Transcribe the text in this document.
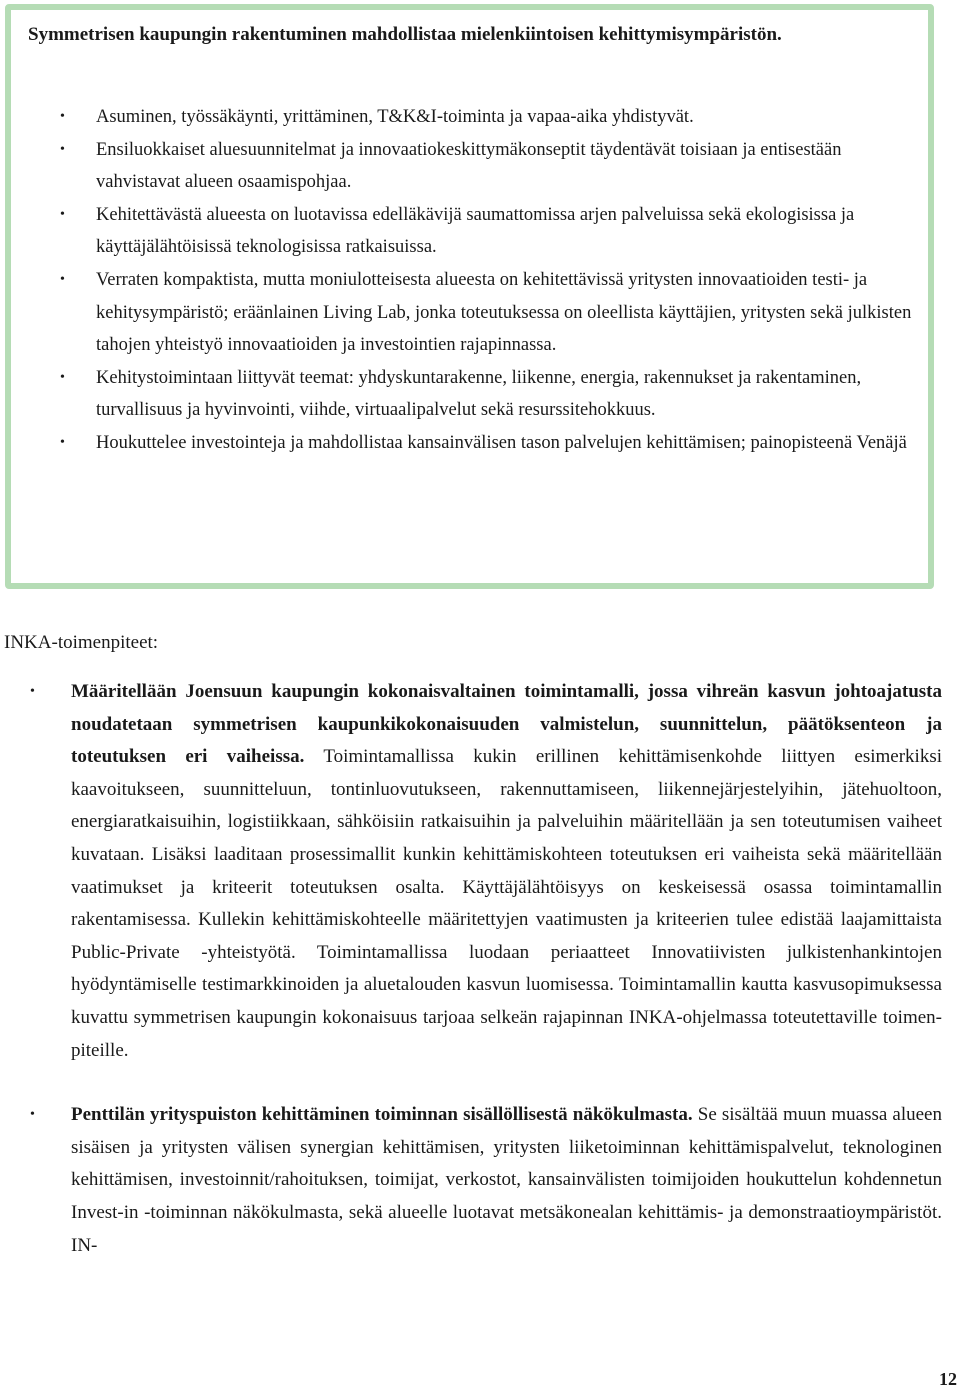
Symmetrisen kaupungin rakentuminen mahdollistaa mielenkiintoisen kehittymisympäristön.

• Asuminen, työssäkäynti, yrittäminen, T&K&I-toiminta ja vapaa-aika yhdistyvät.
• Ensiluokkaiset aluesuunnitelmat ja innovaatiokeskittymäkonseptit täydentävät toisiaan ja entisestään vahvistavat alueen osaamispohjaa.
• Kehitettävästä alueesta on luotavissa edelläkävijä saumattomissa arjen palveluissa sekä ekologisissa ja käyttäjälähtöisissä teknologisissa ratkaisuissa.
• Verraten kompaktista, mutta moniulotteisesta alueesta on kehitettävissä yritysten innovaatioiden testi- ja kehitysympäristö; eräänlainen Living Lab, jonka toteutuksessa on oleellista käyttäjien, yritysten sekä julkisten tahojen yhteistyö innovaatioiden ja investointien rajapinnassa.
• Kehitystoimintaan liittyvät teemat: yhdyskuntarakenne, liikenne, energia, rakennukset ja rakentaminen, turvallisuus ja hyvinvointi, viihde, virtuaalipalvelut sekä resurssitehokkuus.
• Houkuttelee investointeja ja mahdollistaa kansainvälisen tason palvelujen kehittämisen; painopisteenä Venäjä

INKA-toimenpiteet:

• Määritellään Joensuun kaupungin kokonaisvaltainen toimintamalli, jossa vihreän kasvun johtoajatusta noudatetaan symmetrisen kaupunkikokonaisuuden valmistelun, suunnittelun, päätöksenteon ja toteutuksen eri vaiheissa. Toimintamallissa kukin erillinen kehittämisenkohde liittyen esimerkiksi kaavoitukseen, suunnitteluun, tontinluovutukseen, rakennuttamiseen, liikennejärjestelyihin, jätehuoltoon, energiaratkaisuihin, logistiikkaan, sähköisiin ratkaisuihin ja palveluihin määritellään ja sen toteutumisen vaiheet kuvataan. Lisäksi laaditaan prosessimallit kunkin kehittämiskohteen toteutuksen eri vaiheista sekä määritellään vaatimukset ja kriteerit toteutuksen osalta. Käyttäjälähtöisyys on keskeisessä osassa toimintamallin rakentamisessa. Kullekin kehittämiskohteelle määritettyjen vaatimusten ja kriteerien tulee edistää laajamittaista Public-Private -yhteistyötä. Toimintamallissa luodaan periaatteet Innovatiivisten julkistenhankintojen hyödyntämiselle testimarkkinoiden ja aluetalouden kasvun luomisessa. Toimintamallin kautta kasvusopimuksessa kuvattu symmetrisen kaupungin kokonaisuus tarjoaa selkeän rajapinnan INKA-ohjelmassa toteutettaville toimenpiteille.
• Penttilän yrityspuiston kehittäminen toiminnan sisällöllisestä näkökulmasta. Se sisältää muun muassa alueen sisäisen ja yritysten välisen synergian kehittämisen, yritysten liiketoiminnan kehittämispalvelut, teknologinen kehittämisen, investoinnit/rahoituksen, toimijat, verkostot, kansainvälisten toimijoiden houkuttelun kohdennetun Invest-in -toiminnan näkökulmasta, sekä alueelle luotavat metsäkonealan kehittämis- ja demonstraatioympäristöt. IN-
12
